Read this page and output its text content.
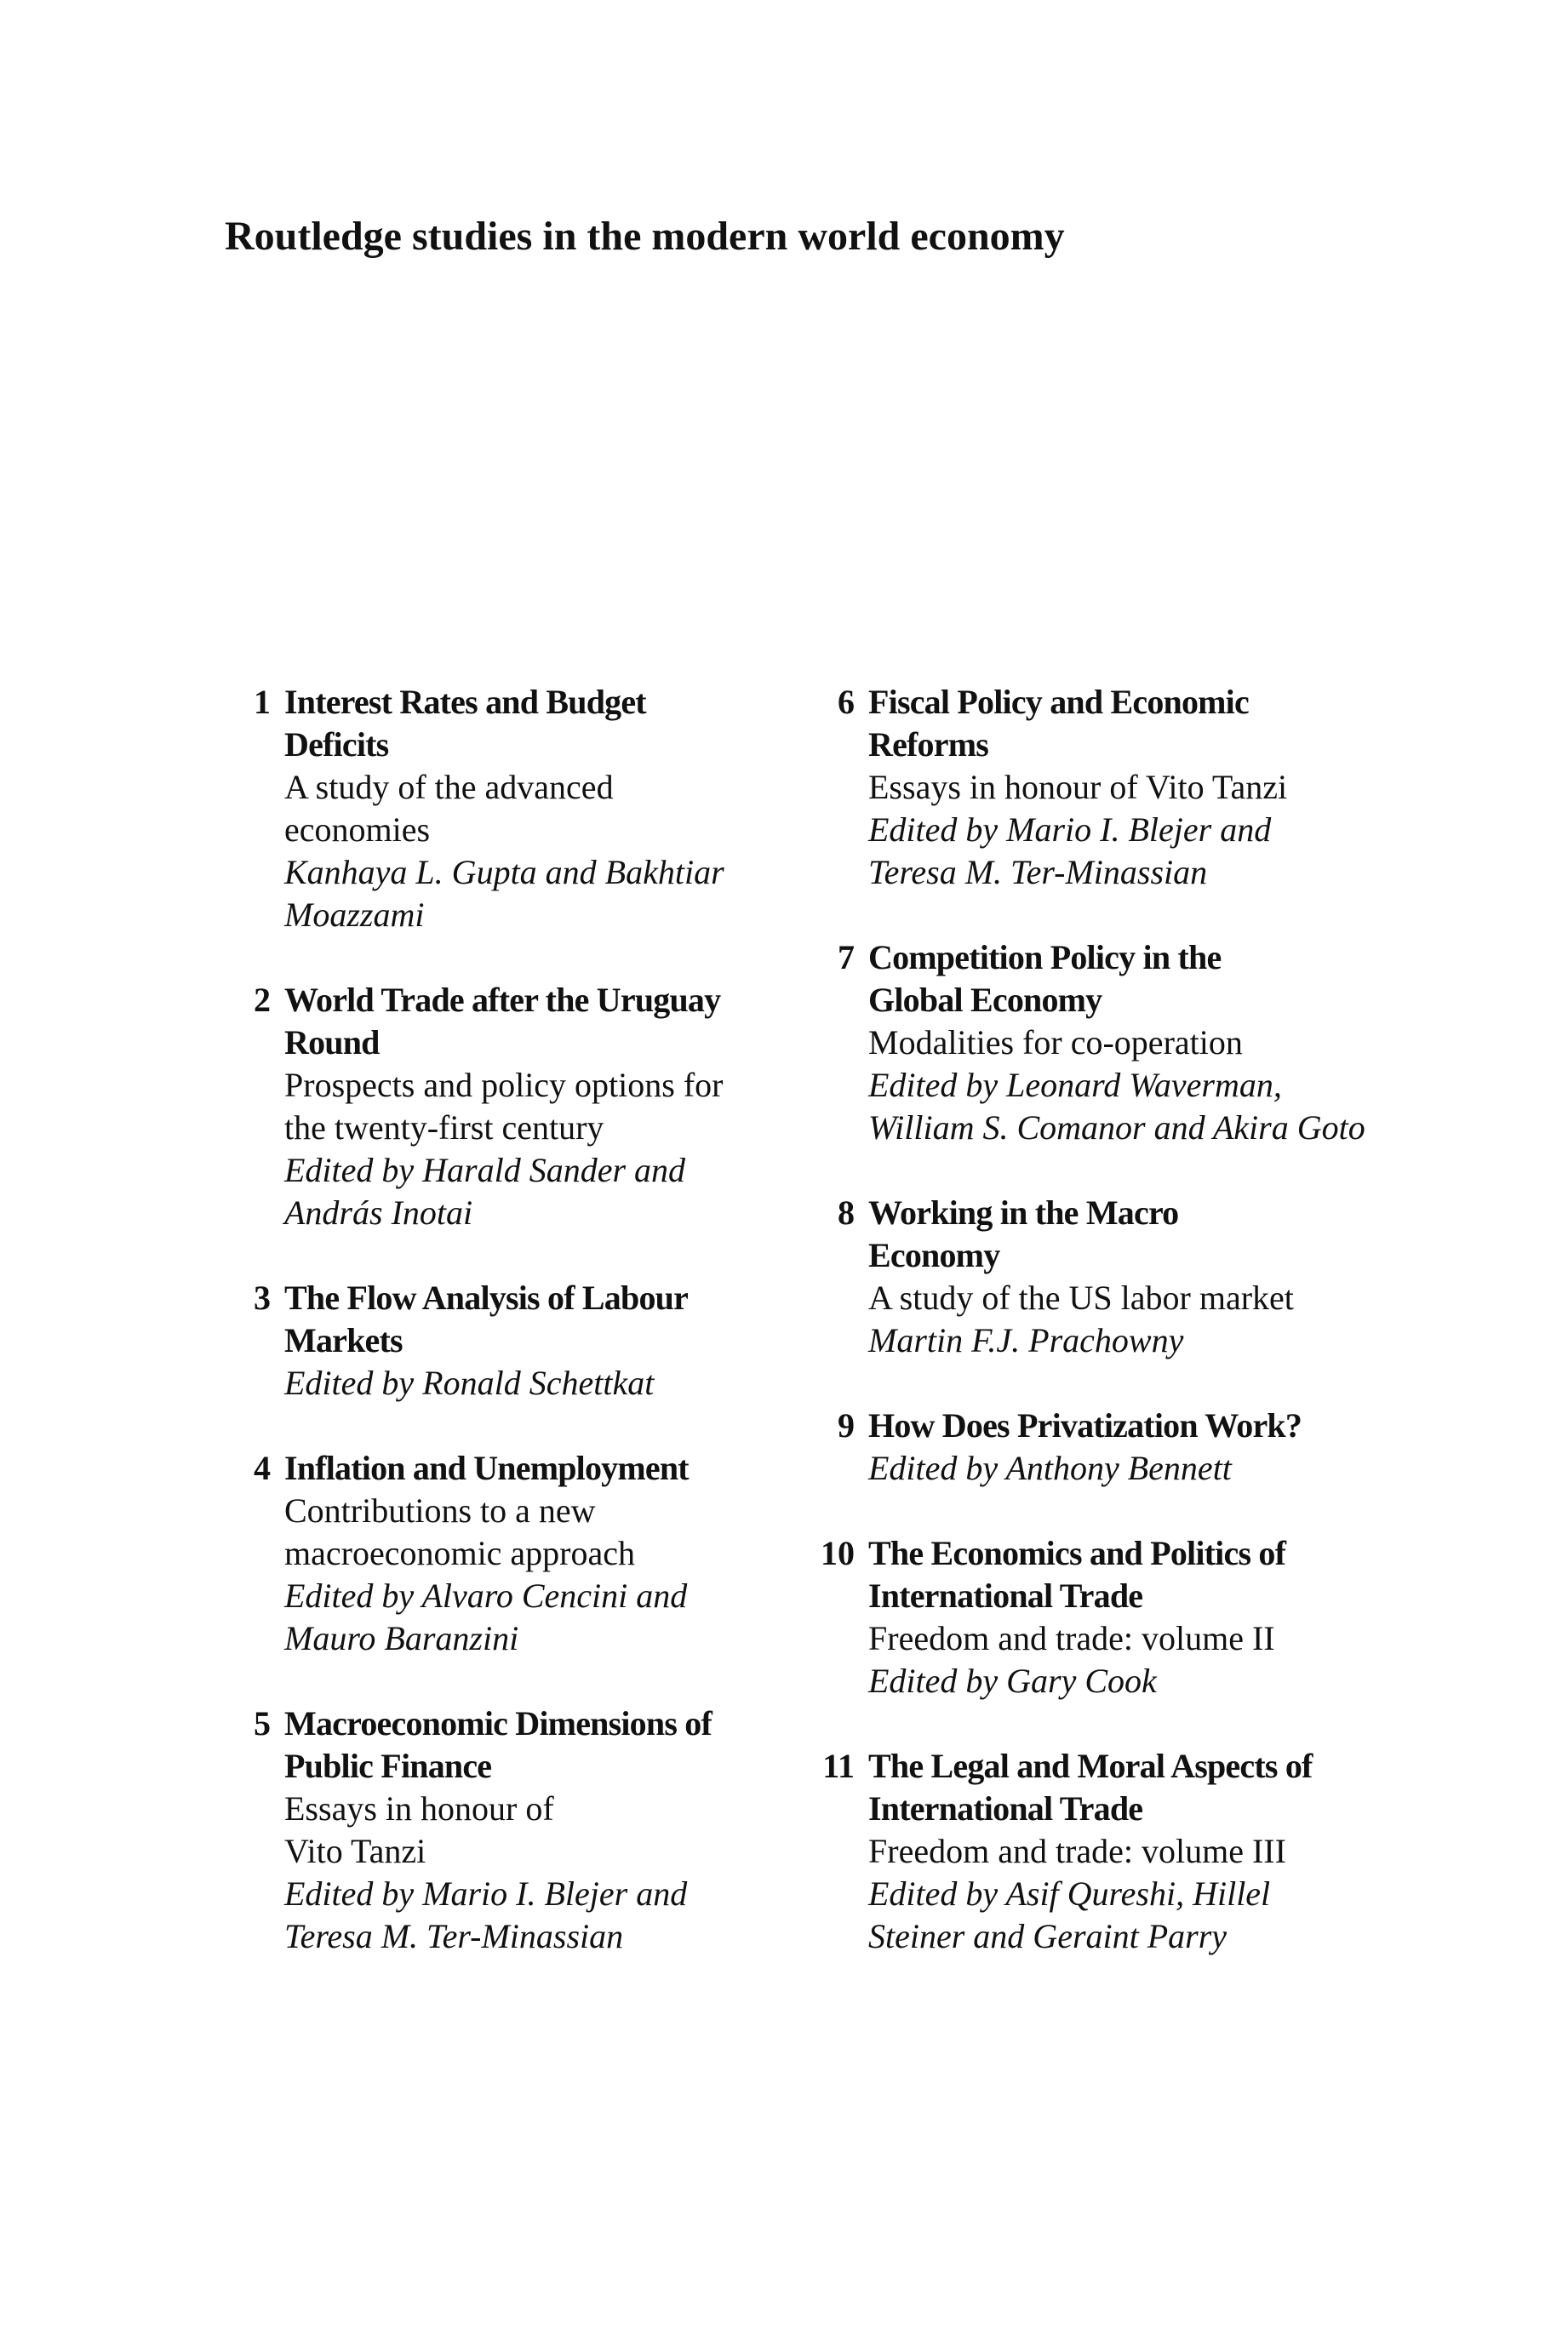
Routledge studies in the modern world economy
1 Interest Rates and Budget
Deficits
A study of the advanced
economies
Kanhaya L. Gupta and Bakhtiar
Moazzami
2 World Trade after the Uruguay
Round
Prospects and policy options for
the twenty-first century
Edited by Harald Sander and
András Inotai
3 The Flow Analysis of Labour
Markets
Edited by Ronald Schettkat
4 Inflation and Unemployment
Contributions to a new
macroeconomic approach
Edited by Alvaro Cencini and
Mauro Baranzini
5 Macroeconomic Dimensions of
Public Finance
Essays in honour of
Vito Tanzi
Edited by Mario I. Blejer and
Teresa M. Ter-Minassian
6 Fiscal Policy and Economic
Reforms
Essays in honour of Vito Tanzi
Edited by Mario I. Blejer and
Teresa M. Ter-Minassian
7 Competition Policy in the
Global Economy
Modalities for co-operation
Edited by Leonard Waverman,
William S. Comanor and Akira Goto
8 Working in the Macro
Economy
A study of the US labor market
Martin F.J. Prachowny
9 How Does Privatization Work?
Edited by Anthony Bennett
10 The Economics and Politics of
International Trade
Freedom and trade: volume II
Edited by Gary Cook
11 The Legal and Moral Aspects of
International Trade
Freedom and trade: volume III
Edited by Asif Qureshi, Hillel
Steiner and Geraint Parry
